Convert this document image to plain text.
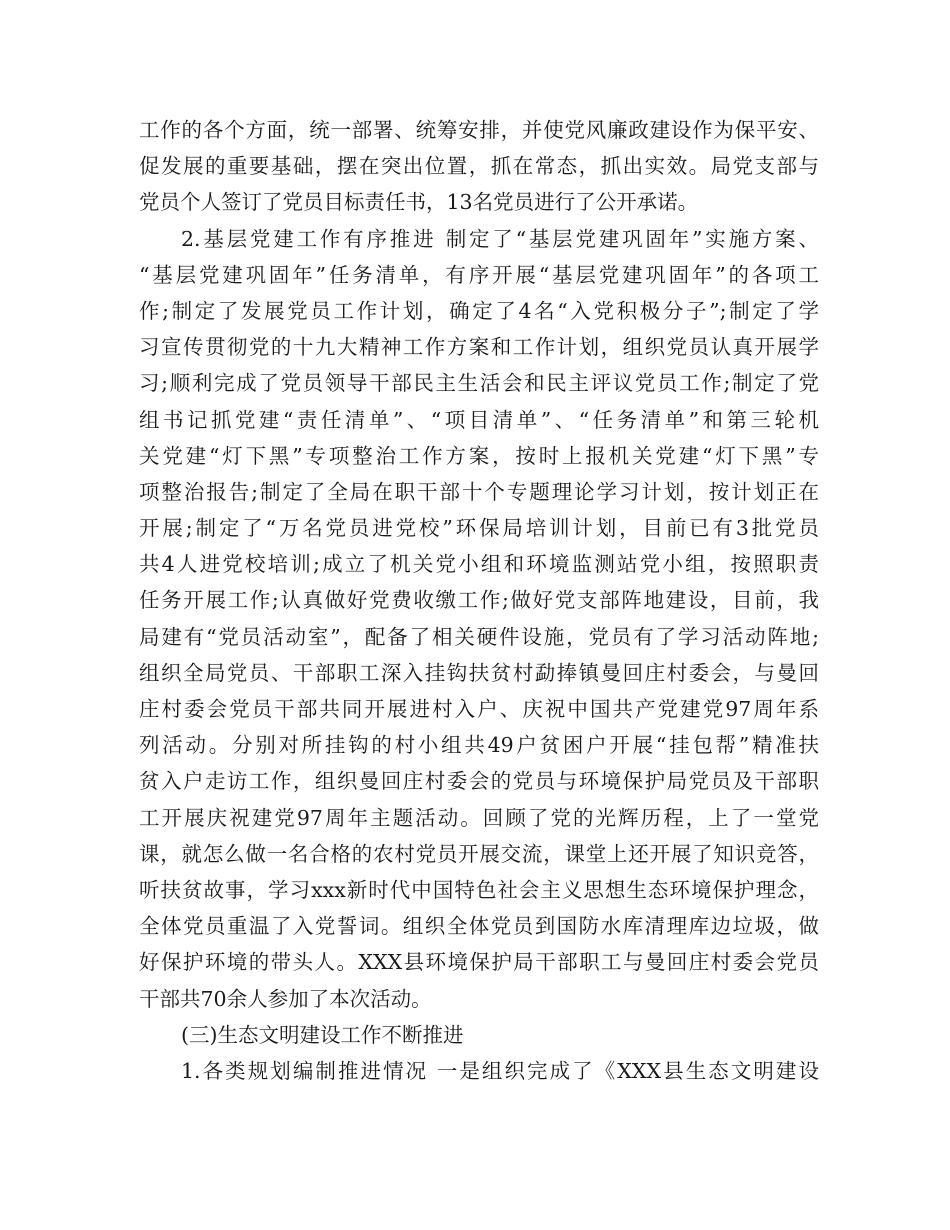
工作的各个方面，统一部署、统筹安排，并使党风廉政建设作为保平安、
促发展的重要基础，摆在突出位置，抓在常态，抓出实效。局党支部与
党员个人签订了党员目标责任书，13名党员进行了公开承诺。
2.基层党建工作有序推进 制定了“基层党建巩固年”实施方案、
“基层党建巩固年”任务清单，有序开展“基层党建巩固年”的各项工
作;制定了发展党员工作计划，确定了4名“入党积极分子”;制定了学
习宣传贯彻党的十九大精神工作方案和工作计划，组织党员认真开展学
习;顺利完成了党员领导干部民主生活会和民主评议党员工作;制定了党
组书记抓党建“责任清单”、“项目清单”、“任务清单”和第三轮机
关党建“灯下黑”专项整治工作方案，按时上报机关党建“灯下黑”专
项整治报告;制定了全局在职干部十个专题理论学习计划，按计划正在
开展;制定了“万名党员进党校”环保局培训计划，目前已有3批党员
共4人进党校培训;成立了机关党小组和环境监测站党小组，按照职责
任务开展工作;认真做好党费收缴工作;做好党支部阵地建设，目前，我
局建有“党员活动室”，配备了相关硬件设施，党员有了学习活动阵地;
组织全局党员、干部职工深入挂钩扶贫村勐捧镇曼回庄村委会，与曼回
庄村委会党员干部共同开展进村入户、庆祝中国共产党建党97周年系
列活动。分别对所挂钩的村小组共49户贫困户开展“挂包帮”精准扶
贫入户走访工作，组织曼回庄村委会的党员与环境保护局党员及干部职
工开展庆祝建党97周年主题活动。回顾了党的光辉历程，上了一堂党
课，就怎么做一名合格的农村党员开展交流，课堂上还开展了知识竞答，
听扶贫故事，学习xxx新时代中国特色社会主义思想生态环境保护理念，
全体党员重温了入党誓词。组织全体党员到国防水库清理库边垃圾，做
好保护环境的带头人。XXX县环境保护局干部职工与曼回庄村委会党员
干部共70余人参加了本次活动。
(三)生态文明建设工作不断推进
1.各类规划编制推进情况 一是组织完成了《XXX县生态文明建设
